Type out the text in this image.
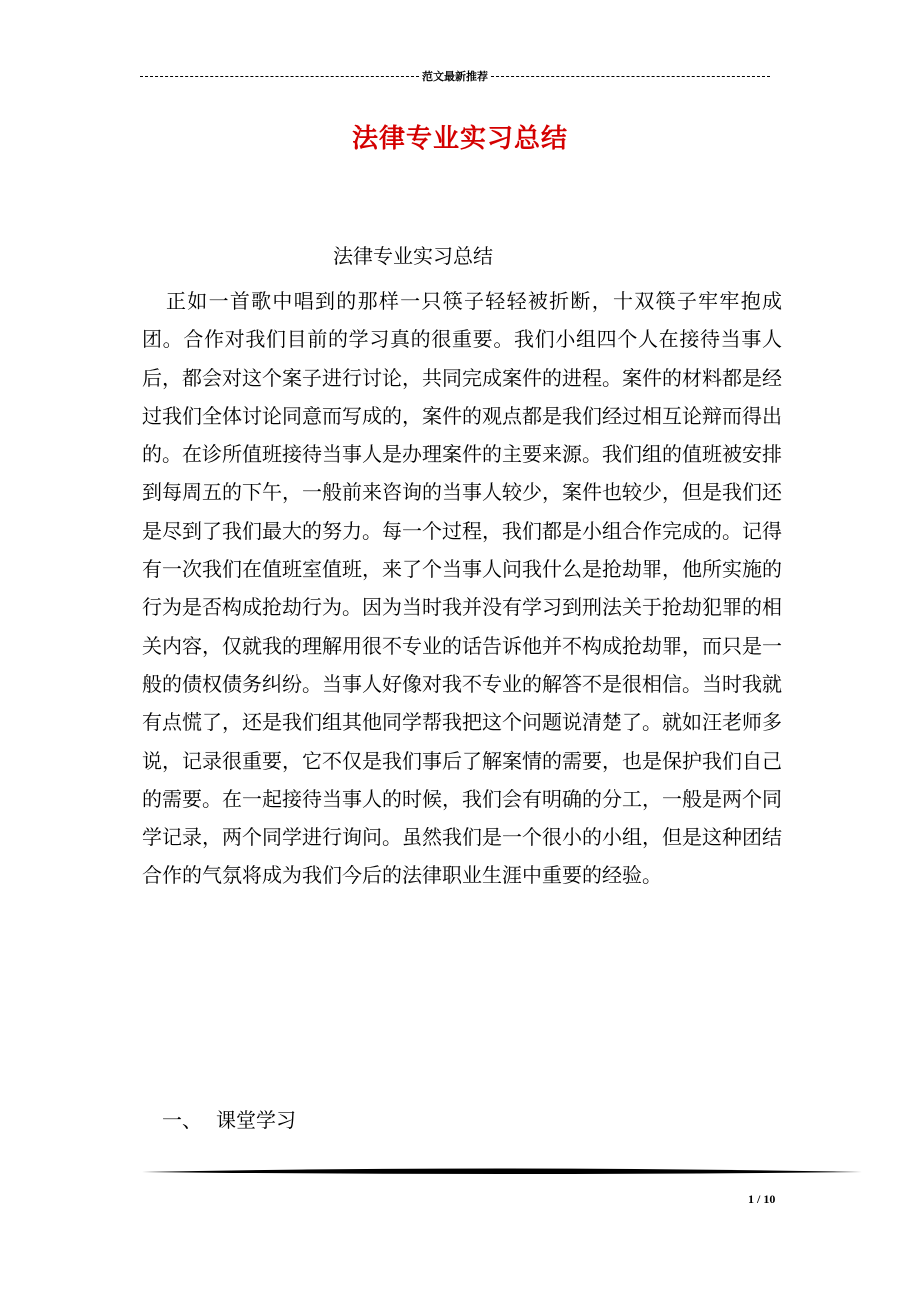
范文最新推荐
法律专业实习总结

法律专业实习总结

正如一首歌中唱到的那样一只筷子轻轻被折断，十双筷子牢牢抱成团。合作对我们目前的学习真的很重要。我们小组四个人在接待当事人后，都会对这个案子进行讨论，共同完成案件的进程。案件的材料都是经过我们全体讨论同意而写成的，案件的观点都是我们经过相互论辩而得出的。在诊所值班接待当事人是办理案件的主要来源。我们组的值班被安排到每周五的下午，一般前来咨询的当事人较少，案件也较少，但是我们还是尽到了我们最大的努力。每一个过程，我们都是小组合作完成的。记得有一次我们在值班室值班，来了个当事人问我什么是抢劫罪，他所实施的行为是否构成抢劫行为。因为当时我并没有学习到刑法关于抢劫犯罪的相关内容，仅就我的理解用很不专业的话告诉他并不构成抢劫罪，而只是一般的债权债务纠纷。当事人好像对我不专业的解答不是很相信。当时我就有点慌了，还是我们组其他同学帮我把这个问题说清楚了。就如汪老师多说，记录很重要，它不仅是我们事后了解案情的需要，也是保护我们自己的需要。在一起接待当事人的时候，我们会有明确的分工，一般是两个同学记录，两个同学进行询问。虽然我们是一个很小的小组，但是这种团结合作的气氛将成为我们今后的法律职业生涯中重要的经验。

一、 课堂学习

1 / 10
